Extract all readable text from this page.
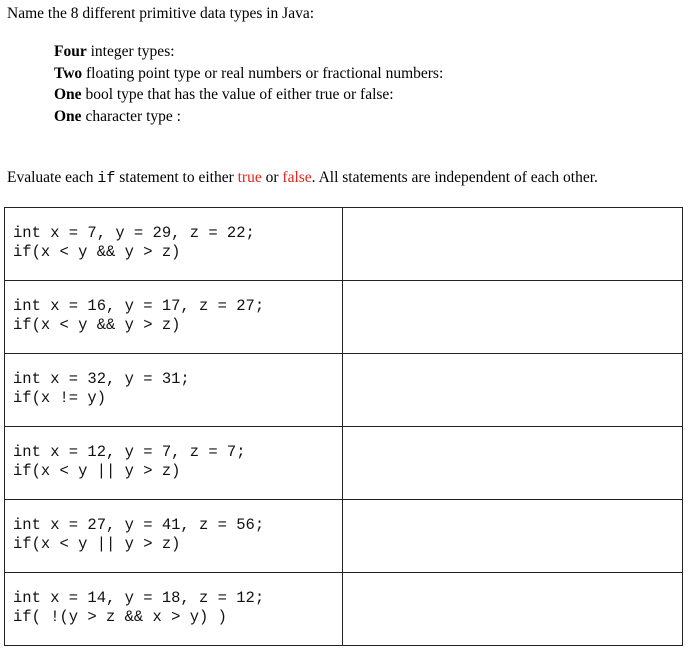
Name the 8 different primitive data types in Java:
Four integer types:
Two floating point type or real numbers or fractional numbers:
One bool type that has the value of either true or false:
One character type :
Evaluate each if statement to either true or false. All statements are independent of each other.
int x = 7, y = 29, z = 22;
if(x < y && y > z)	

int x = 16, y = 17, z = 27;
if(x < y && y > z)	

int x = 32, y = 31;
if(x != y)	

int x = 12, y = 7, z = 7;
if(x < y || y > z)	

int x = 27, y = 41, z = 56;
if(x < y || y > z)	

int x = 14, y = 18, z = 12;
if( !(y > z && x > y) )	
